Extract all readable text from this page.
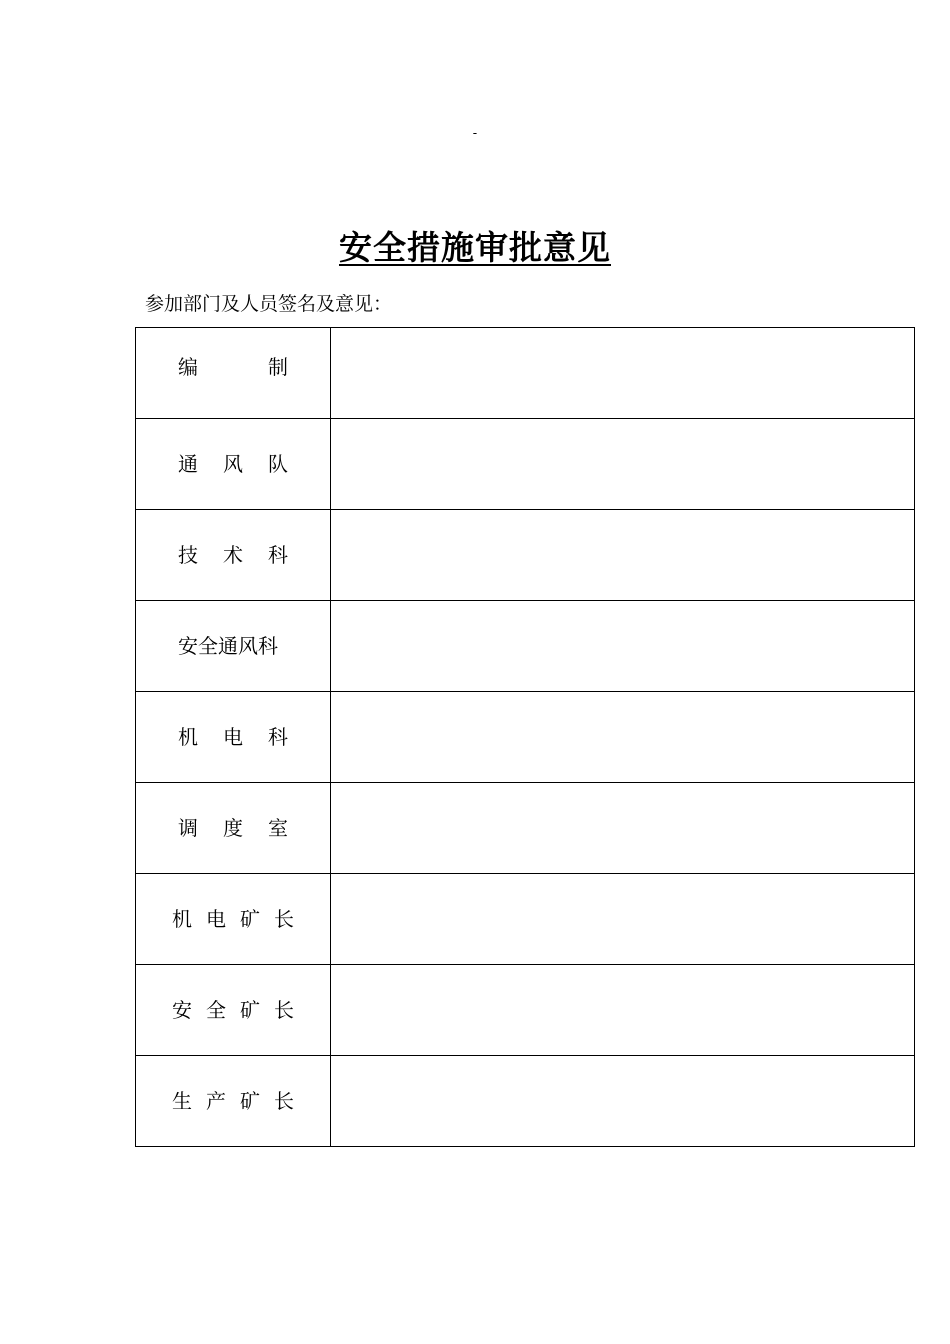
-
安全措施审批意见
参加部门及人员签名及意见：
编 制	

通 风 队	

技 术 科	

安全通风科	

机 电 科	

调 度 室	

机 电 矿 长	

安 全 矿 长	

生 产 矿 长	
